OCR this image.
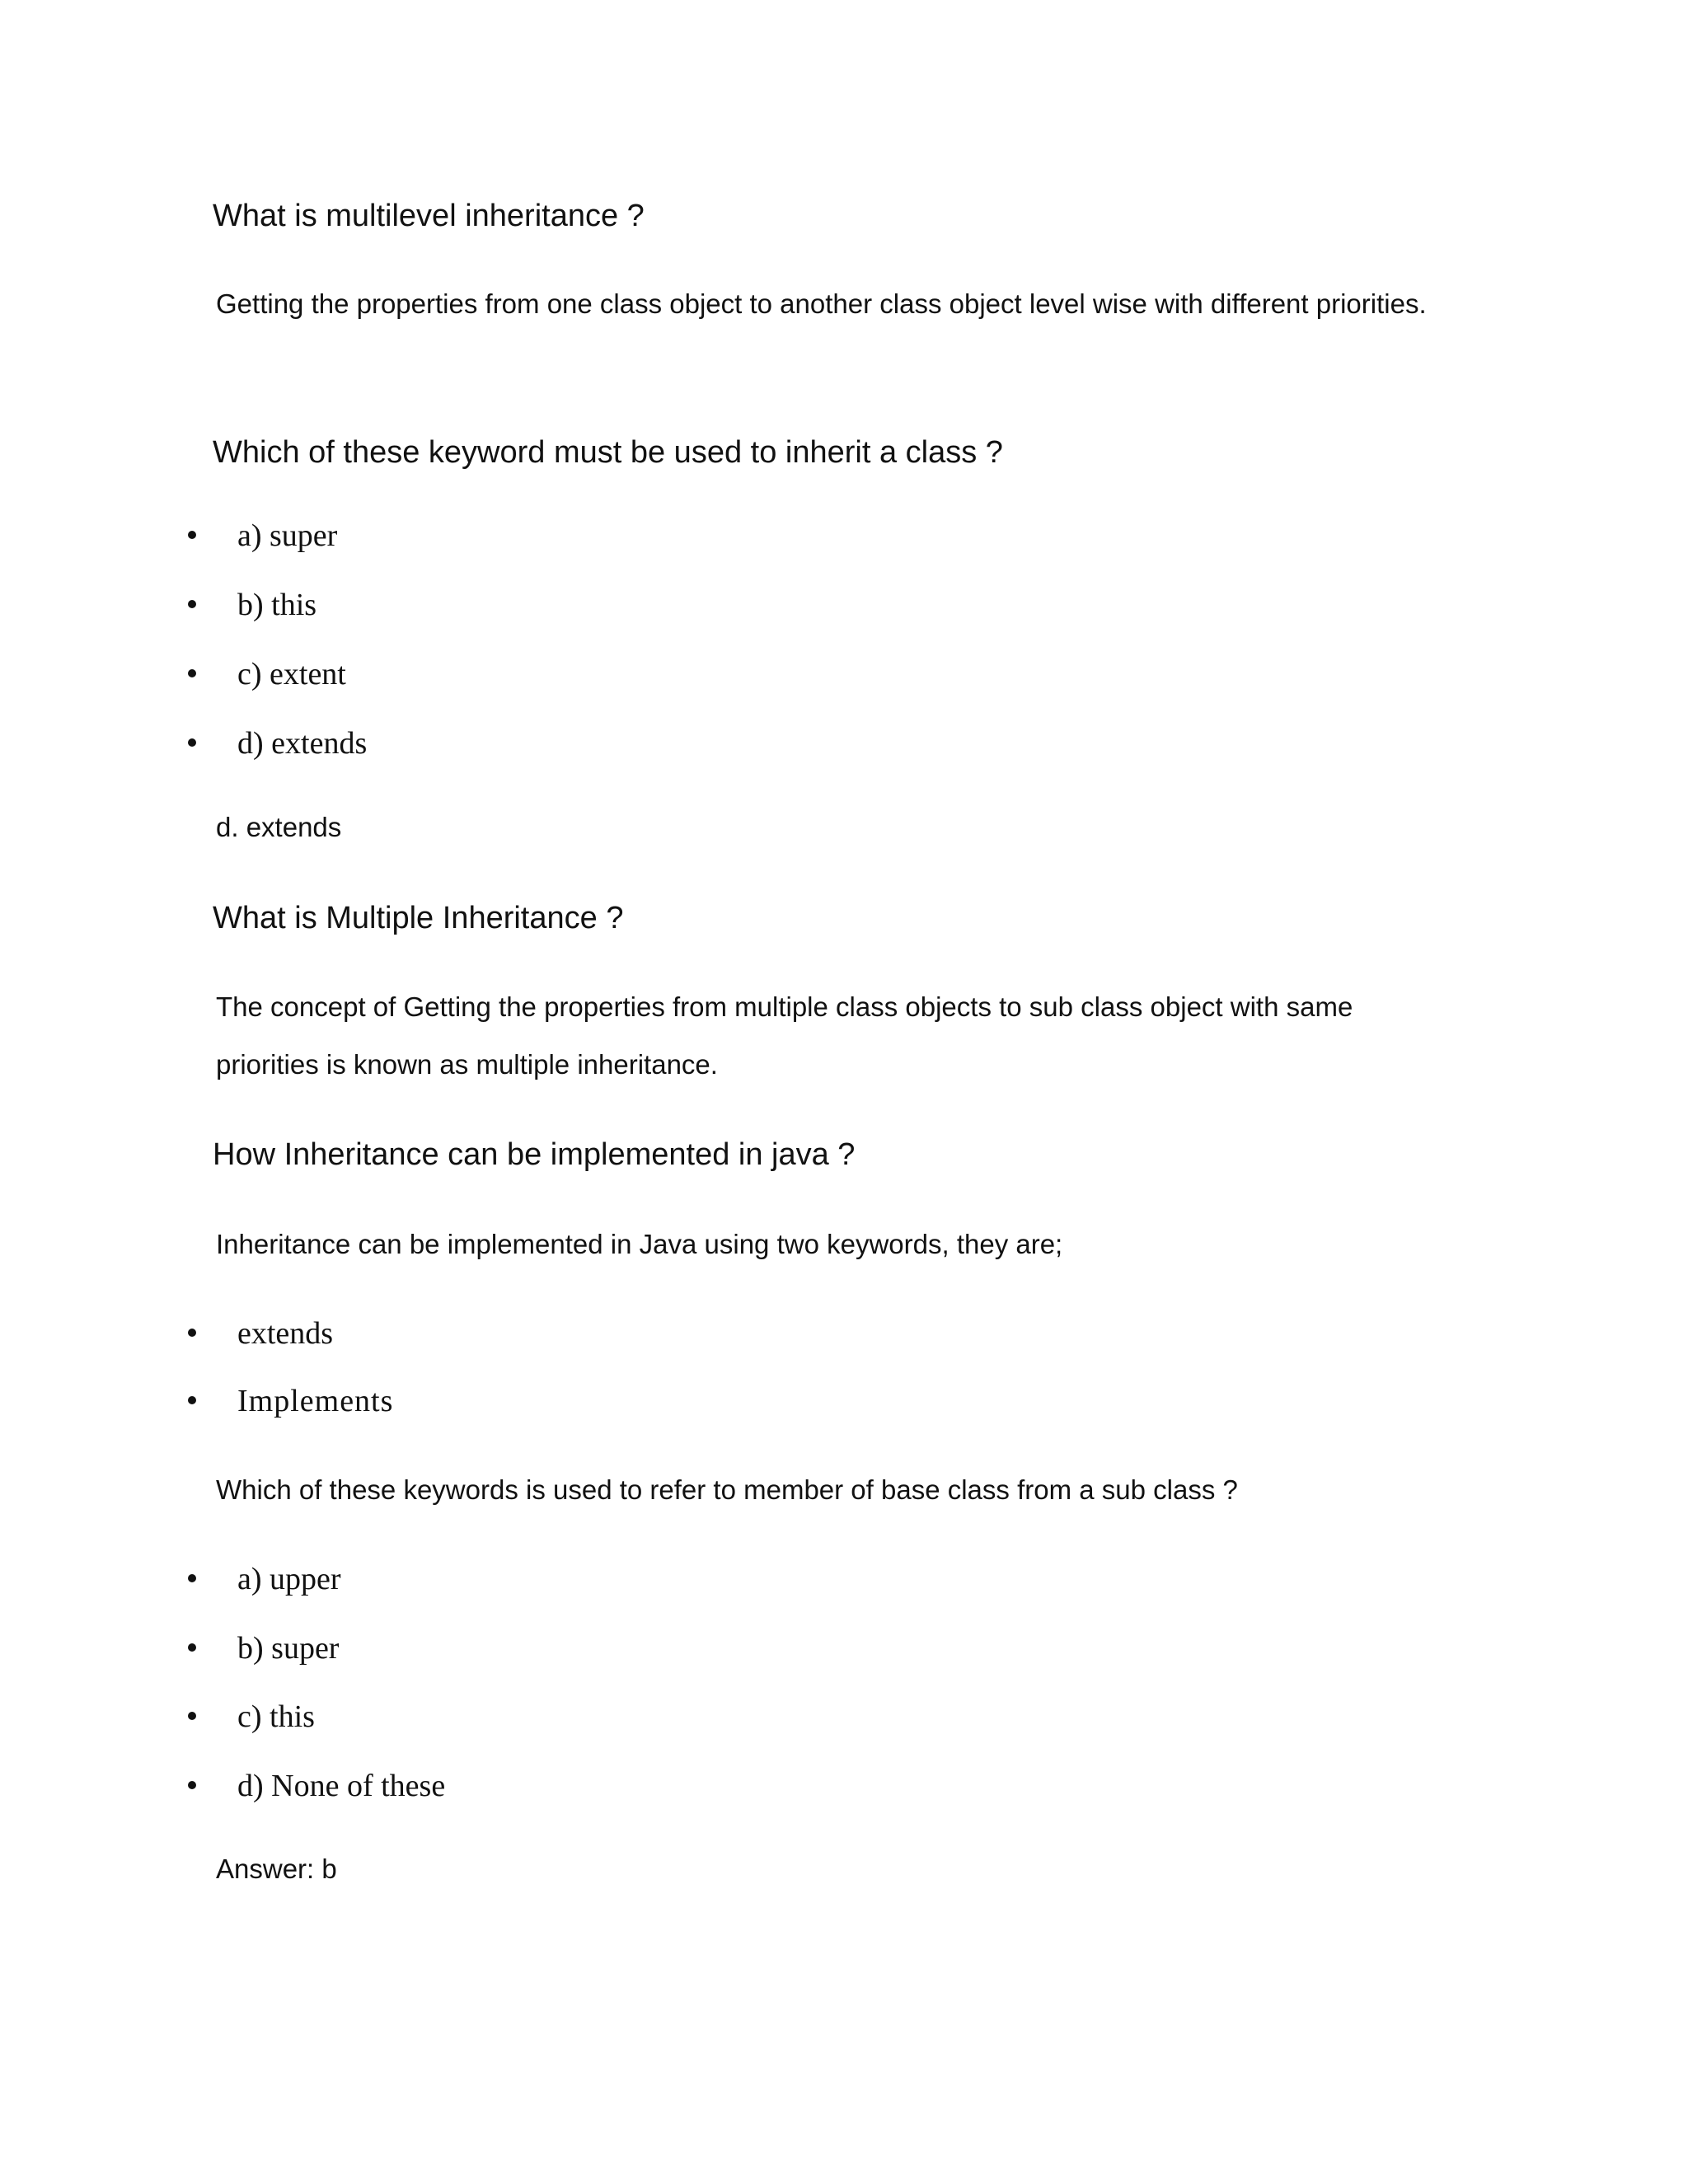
What is multilevel inheritance ?
Getting the properties from one class object to another class object level wise with different priorities.
Which of these keyword must be used to inherit a class ?
a) super
b) this
c) extent
d) extends
d. extends
What is Multiple Inheritance ?
The concept of Getting the properties from multiple class objects to sub class object with same priorities is known as multiple inheritance.
How Inheritance can be implemented in java ?
Inheritance can be implemented in Java using two keywords, they are;
extends
Implements
Which of these keywords is used to refer to member of base class from a sub class ?
a) upper
b) super
c) this
d) None of these
Answer: b
